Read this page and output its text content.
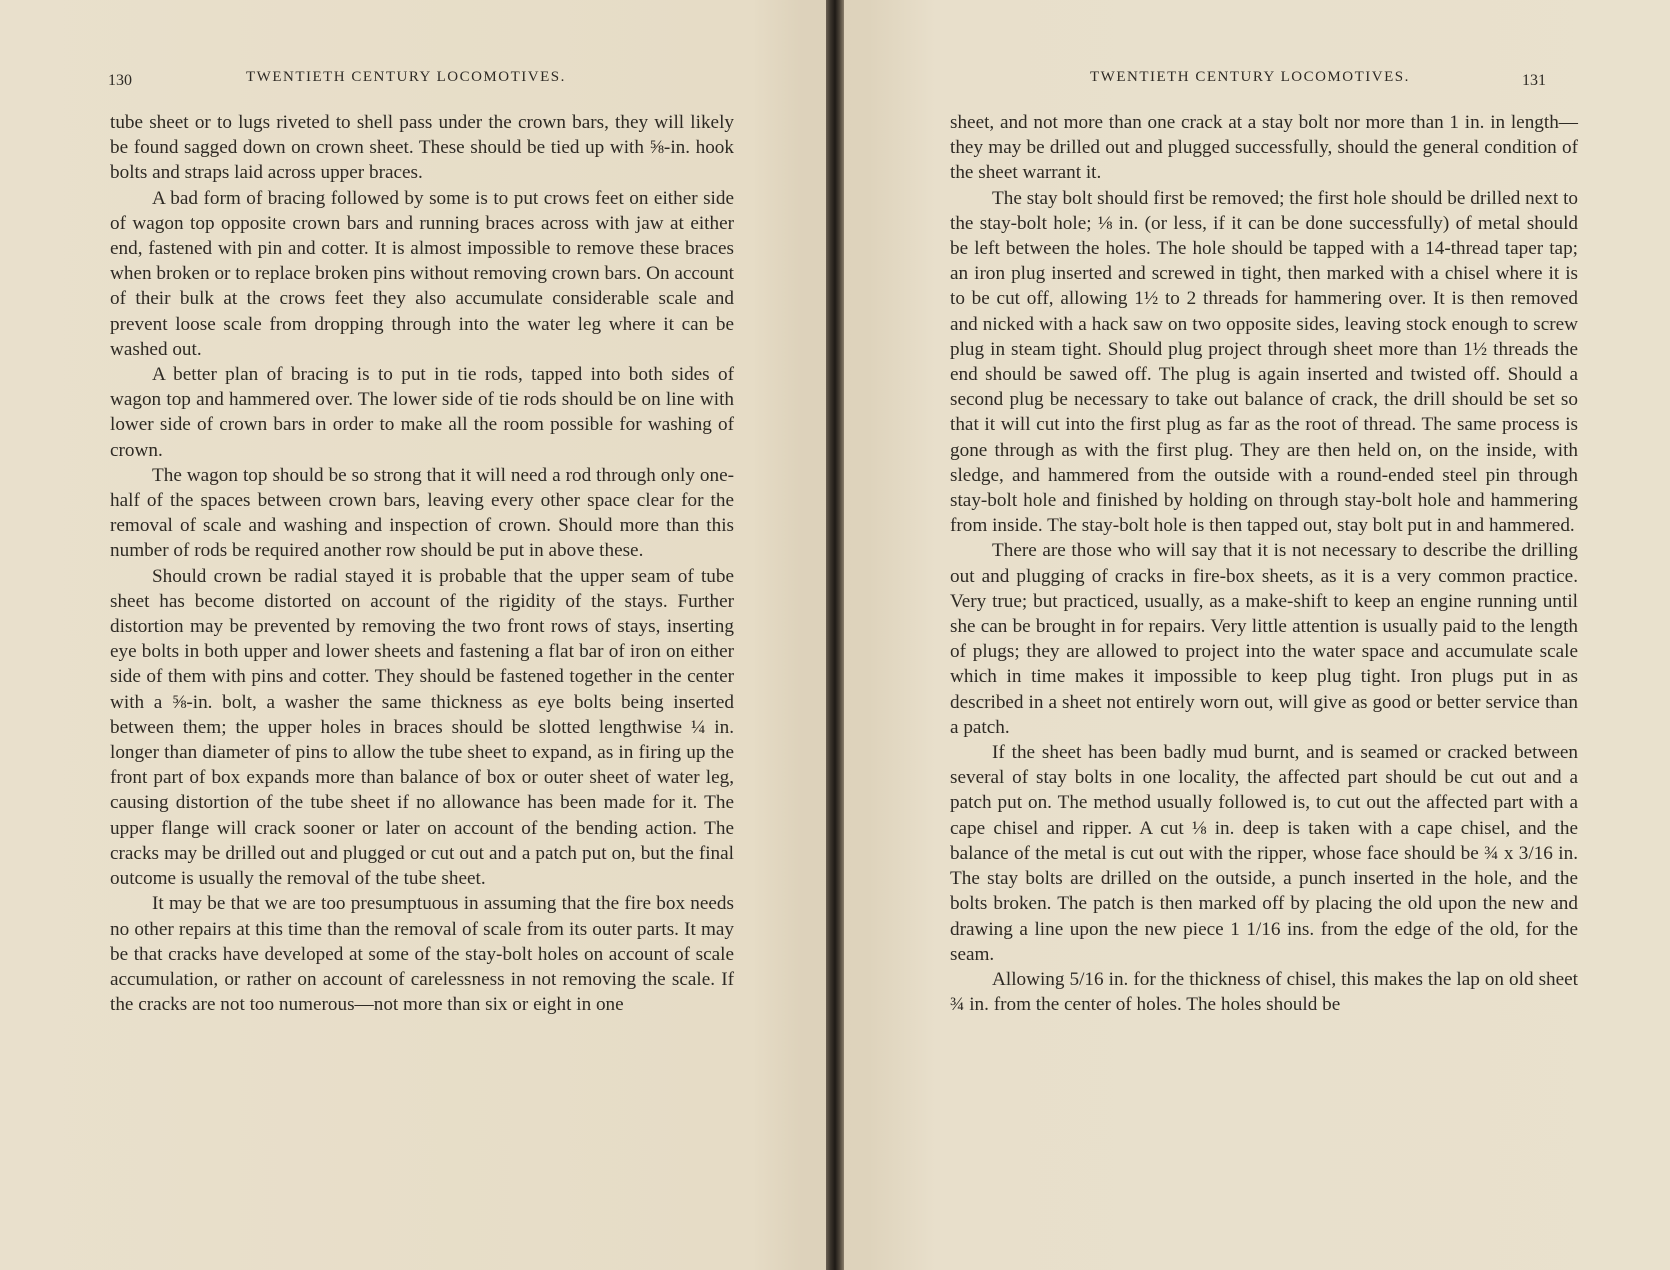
130	TWENTIETH CENTURY LOCOMOTIVES.

tube sheet or to lugs riveted to shell pass under the crown bars, they will likely be found sagged down on crown sheet. These should be tied up with ⅝-in. hook bolts and straps laid across upper braces.

A bad form of bracing followed by some is to put crows feet on either side of wagon top opposite crown bars and running braces across with jaw at either end, fastened with pin and cotter. It is almost impossible to remove these braces when broken or to replace broken pins without removing crown bars. On account of their bulk at the crows feet they also accumulate considerable scale and prevent loose scale from dropping through into the water leg where it can be washed out.

A better plan of bracing is to put in tie rods, tapped into both sides of wagon top and hammered over. The lower side of tie rods should be on line with lower side of crown bars in order to make all the room possible for washing of crown.

The wagon top should be so strong that it will need a rod through only one-half of the spaces between crown bars, leaving every other space clear for the removal of scale and washing and inspection of crown. Should more than this number of rods be required another row should be put in above these.

Should crown be radial stayed it is probable that the upper seam of tube sheet has become distorted on account of the rigidity of the stays. Further distortion may be prevented by removing the two front rows of stays, inserting eye bolts in both upper and lower sheets and fastening a flat bar of iron on either side of them with pins and cotter. They should be fastened together in the center with a ⅝-in. bolt, a washer the same thickness as eye bolts being inserted between them; the upper holes in braces should be slotted lengthwise ¼ in. longer than diameter of pins to allow the tube sheet to expand, as in firing up the front part of box expands more than balance of box or outer sheet of water leg, causing distortion of the tube sheet if no allowance has been made for it. The upper flange will crack sooner or later on account of the bending action. The cracks may be drilled out and plugged or cut out and a patch put on, but the final outcome is usually the removal of the tube sheet.

It may be that we are too presumptuous in assuming that the fire box needs no other repairs at this time than the removal of scale from its outer parts. It may be that cracks have developed at some of the stay-bolt holes on account of scale accumulation, or rather on account of carelessness in not removing the scale. If the cracks are not too numerous—not more than six or eight in one

TWENTIETH CENTURY LOCOMOTIVES.	131

sheet, and not more than one crack at a stay bolt nor more than 1 in. in length—they may be drilled out and plugged successfully, should the general condition of the sheet warrant it.

The stay bolt should first be removed; the first hole should be drilled next to the stay-bolt hole; ⅛ in. (or less, if it can be done successfully) of metal should be left between the holes. The hole should be tapped with a 14-thread taper tap; an iron plug inserted and screwed in tight, then marked with a chisel where it is to be cut off, allowing 1½ to 2 threads for hammering over. It is then removed and nicked with a hack saw on two opposite sides, leaving stock enough to screw plug in steam tight. Should plug project through sheet more than 1½ threads the end should be sawed off. The plug is again inserted and twisted off. Should a second plug be necessary to take out balance of crack, the drill should be set so that it will cut into the first plug as far as the root of thread. The same process is gone through as with the first plug. They are then held on, on the inside, with sledge, and hammered from the outside with a round-ended steel pin through stay-bolt hole and finished by holding on through stay-bolt hole and hammering from inside. The stay-bolt hole is then tapped out, stay bolt put in and hammered.

There are those who will say that it is not necessary to describe the drilling out and plugging of cracks in fire-box sheets, as it is a very common practice. Very true; but practiced, usually, as a make-shift to keep an engine running until she can be brought in for repairs. Very little attention is usually paid to the length of plugs; they are allowed to project into the water space and accumulate scale which in time makes it impossible to keep plug tight. Iron plugs put in as described in a sheet not entirely worn out, will give as good or better service than a patch.

If the sheet has been badly mud burnt, and is seamed or cracked between several of stay bolts in one locality, the affected part should be cut out and a patch put on. The method usually followed is, to cut out the affected part with a cape chisel and ripper. A cut ⅛ in. deep is taken with a cape chisel, and the balance of the metal is cut out with the ripper, whose face should be ¾ x 3/16 in. The stay bolts are drilled on the outside, a punch inserted in the hole, and the bolts broken. The patch is then marked off by placing the old upon the new and drawing a line upon the new piece 1 1/16 ins. from the edge of the old, for the seam.

Allowing 5/16 in. for the thickness of chisel, this makes the lap on old sheet ¾ in. from the center of holes. The holes should be
